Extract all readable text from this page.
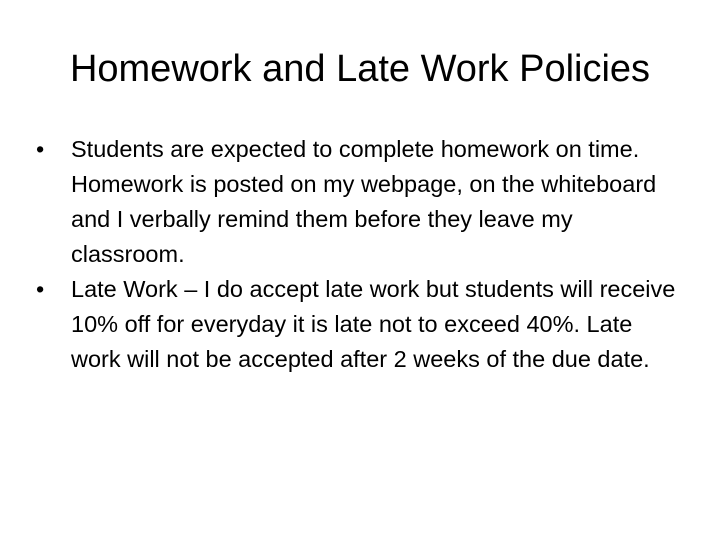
Homework and Late Work Policies
•	Students are expected to complete homework on time. Homework is posted on my webpage, on the whiteboard and I verbally remind them before they leave my classroom.
•	Late Work – I do accept late work but students will receive 10% off for everyday it is late not to exceed 40%. Late work will not be accepted after 2 weeks of the due date.
